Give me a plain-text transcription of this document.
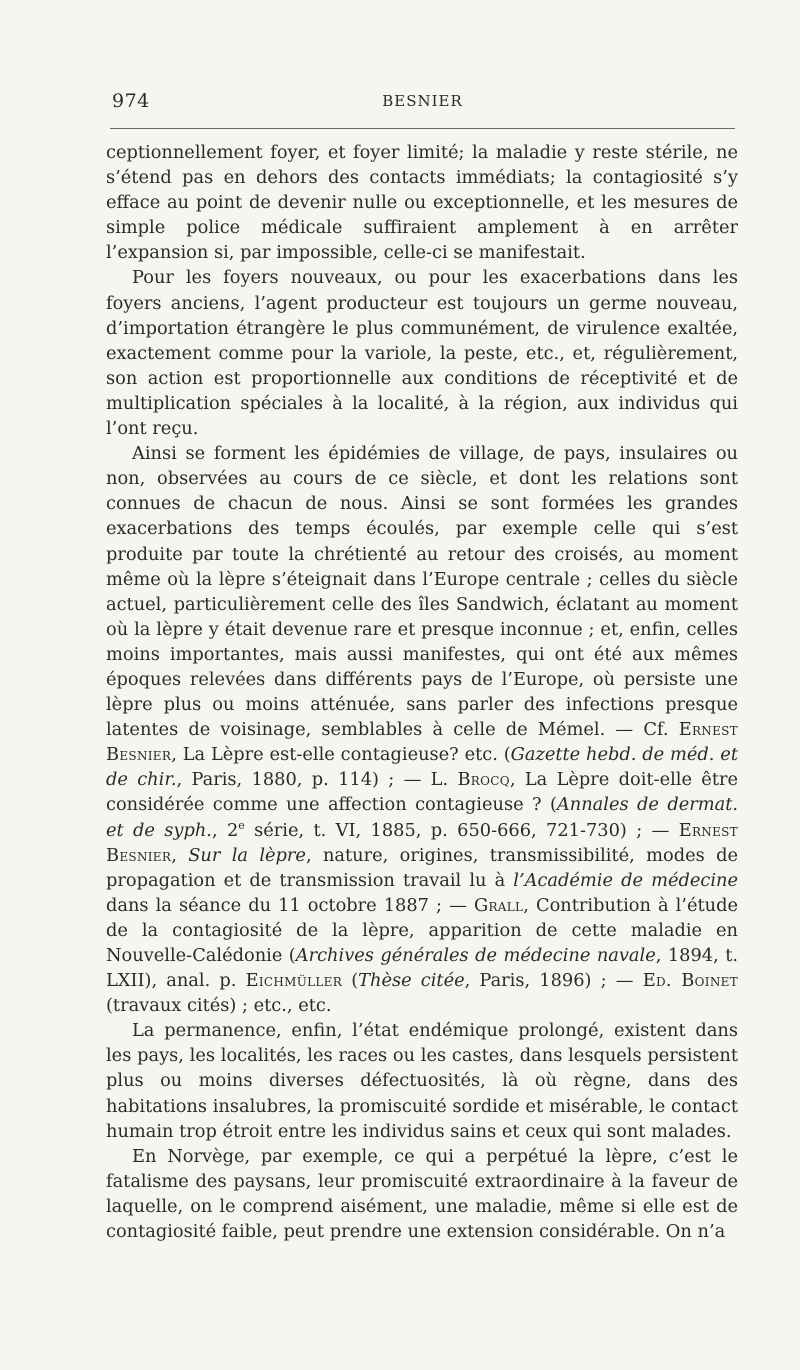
974	BESNIER

ceptionnellement foyer, et foyer limité; la maladie y reste stérile, ne s’étend pas en dehors des contacts immédiats; la contagiosité s’y efface au point de devenir nulle ou exceptionnelle, et les mesures de simple police médicale suffiraient amplement à en arrêter l’expansion si, par impossible, celle-ci se manifestait.

Pour les foyers nouveaux, ou pour les exacerbations dans les foyers anciens, l’agent producteur est toujours un germe nouveau, d’importation étrangère le plus communément, de virulence exaltée, exactement comme pour la variole, la peste, etc., et, régulièrement, son action est proportionnelle aux conditions de réceptivité et de multiplication spéciales à la localité, à la région, aux individus qui l’ont reçu.

Ainsi se forment les épidémies de village, de pays, insulaires ou non, observées au cours de ce siècle, et dont les relations sont connues de chacun de nous. Ainsi se sont formées les grandes exacerbations des temps écoulés, par exemple celle qui s’est produite par toute la chrétienté au retour des croisés, au moment même où la lèpre s’éteignait dans l’Europe centrale ; celles du siècle actuel, particulièrement celle des îles Sandwich, éclatant au moment où la lèpre y était devenue rare et presque inconnue ; et, enfin, celles moins importantes, mais aussi manifestes, qui ont été aux mêmes époques relevées dans différents pays de l’Europe, où persiste une lèpre plus ou moins atténuée, sans parler des infections presque latentes de voisinage, semblables à celle de Mémel. — Cf. Ernest Besnier, La Lèpre est-elle contagieuse? etc. (Gazette hebd. de méd. et de chir., Paris, 1880, p. 114) ; — L. Brocq, La Lèpre doit-elle être considérée comme une affection contagieuse ? (Annales de dermat. et de syph., 2e série, t. VI, 1885, p. 650-666, 721-730) ; — Ernest Besnier, Sur la lèpre, nature, origines, transmissibilité, modes de propagation et de transmission travail lu à l’Académie de médecine dans la séance du 11 octobre 1887 ; — Grall, Contribution à l’étude de la contagiosité de la lèpre, apparition de cette maladie en Nouvelle-Calédonie (Archives générales de médecine navale, 1894, t. LXII), anal. p. Eichmüller (Thèse citée, Paris, 1896) ; — Ed. Boinet (travaux cités) ; etc., etc.

La permanence, enfin, l’état endémique prolongé, existent dans les pays, les localités, les races ou les castes, dans lesquels persistent plus ou moins diverses défectuosités, là où règne, dans des habitations insalubres, la promiscuité sordide et misérable, le contact humain trop étroit entre les individus sains et ceux qui sont malades.

En Norvège, par exemple, ce qui a perpétué la lèpre, c’est le fatalisme des paysans, leur promiscuité extraordinaire à la faveur de laquelle, on le comprend aisément, une maladie, même si elle est de contagiosité faible, peut prendre une extension considérable. On n’a
